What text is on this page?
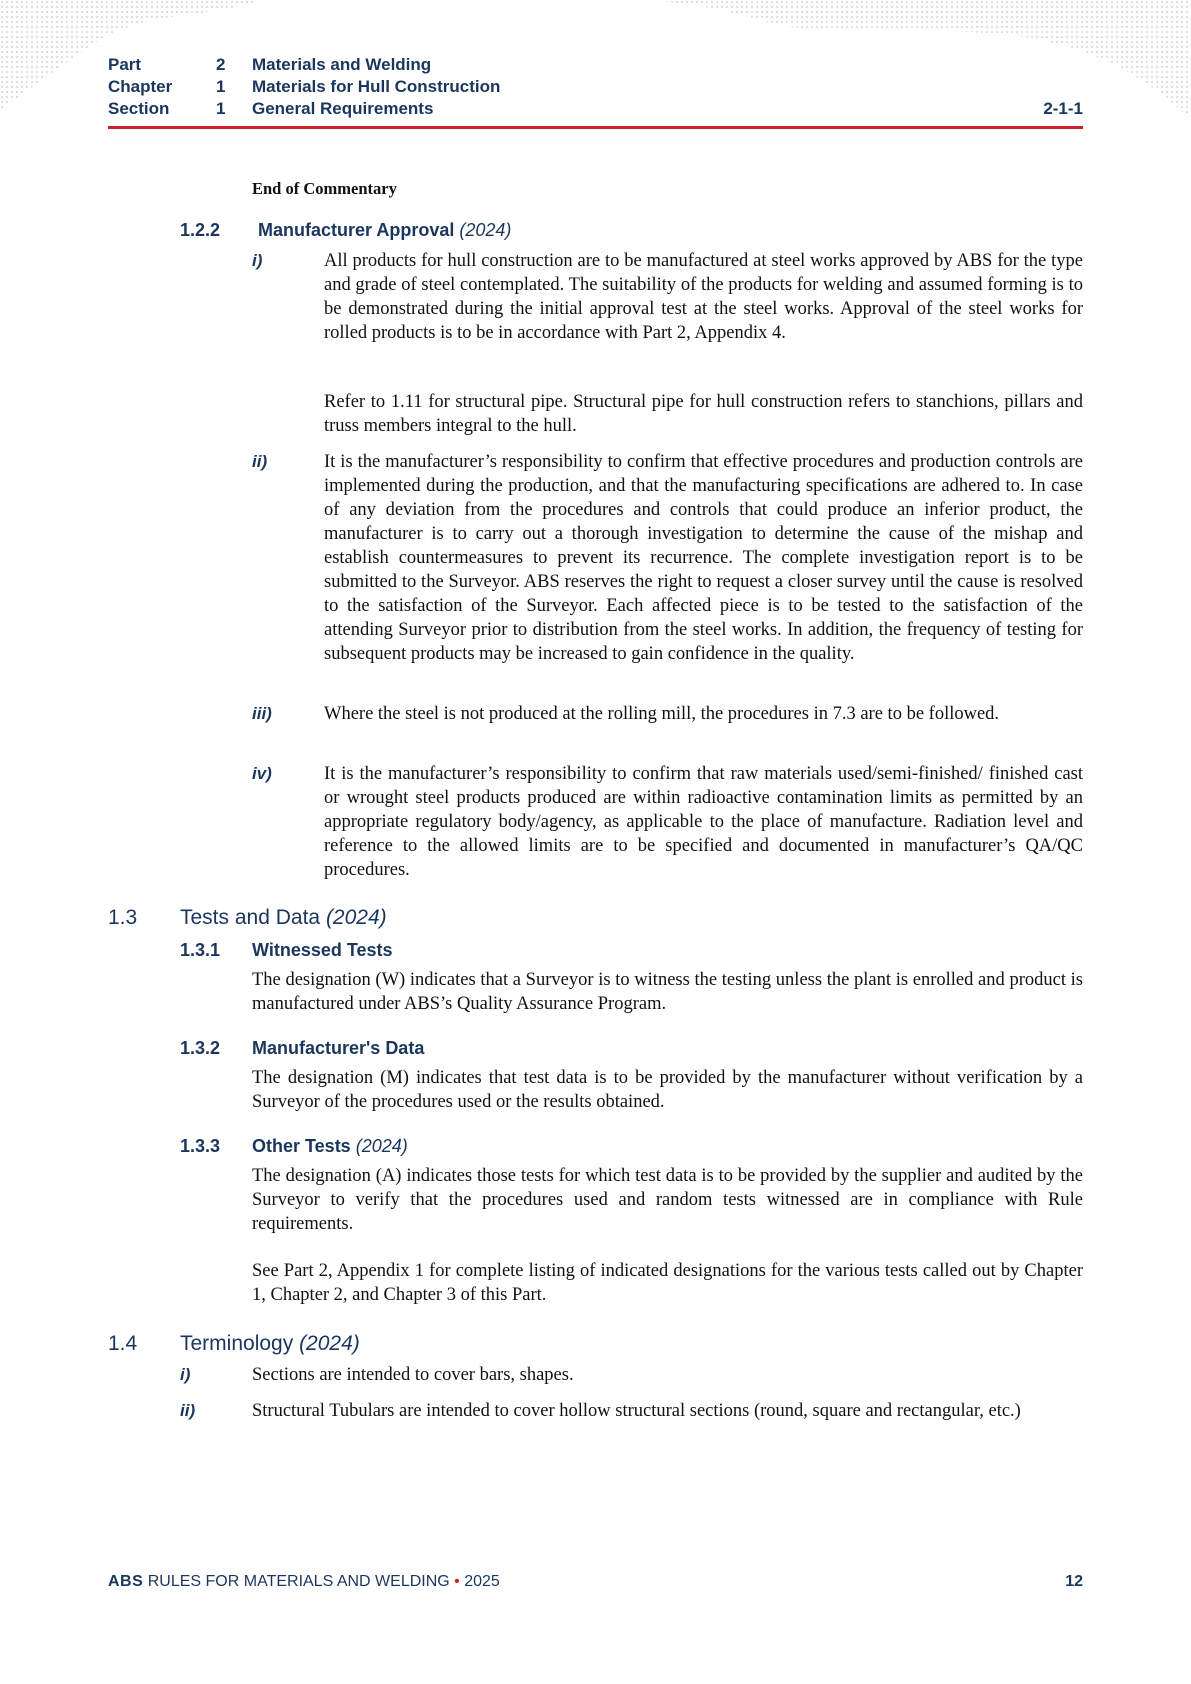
Part	2	Materials and Welding
Chapter	1	Materials for Hull Construction
Section	1	General Requirements	2-1-1
End of Commentary
1.2.2 Manufacturer Approval (2024)
i)	All products for hull construction are to be manufactured at steel works approved by ABS for the type and grade of steel contemplated. The suitability of the products for welding and assumed forming is to be demonstrated during the initial approval test at the steel works. Approval of the steel works for rolled products is to be in accordance with Part 2, Appendix 4.

Refer to 1.11 for structural pipe. Structural pipe for hull construction refers to stanchions, pillars and truss members integral to the hull.

ii)	It is the manufacturer’s responsibility to confirm that effective procedures and production controls are implemented during the production, and that the manufacturing specifications are adhered to. In case of any deviation from the procedures and controls that could produce an inferior product, the manufacturer is to carry out a thorough investigation to determine the cause of the mishap and establish countermeasures to prevent its recurrence. The complete investigation report is to be submitted to the Surveyor. ABS reserves the right to request a closer survey until the cause is resolved to the satisfaction of the Surveyor. Each affected piece is to be tested to the satisfaction of the attending Surveyor prior to distribution from the steel works. In addition, the frequency of testing for subsequent products may be increased to gain confidence in the quality.

iii)	Where the steel is not produced at the rolling mill, the procedures in 7.3 are to be followed.

iv)	It is the manufacturer’s responsibility to confirm that raw materials used/semi-finished/ finished cast or wrought steel products produced are within radioactive contamination limits as permitted by an appropriate regulatory body/agency, as applicable to the place of manufacture. Radiation level and reference to the allowed limits are to be specified and documented in manufacturer’s QA/QC procedures.

1.3 Tests and Data (2024)
1.3.1 Witnessed Tests

The designation (W) indicates that a Surveyor is to witness the testing unless the plant is enrolled and product is manufactured under ABS’s Quality Assurance Program.

1.3.2 Manufacturer's Data

The designation (M) indicates that test data is to be provided by the manufacturer without verification by a Surveyor of the procedures used or the results obtained.

1.3.3 Other Tests (2024)

The designation (A) indicates those tests for which test data is to be provided by the supplier and audited by the Surveyor to verify that the procedures used and random tests witnessed are in compliance with Rule requirements.

See Part 2, Appendix 1 for complete listing of indicated designations for the various tests called out by Chapter 1, Chapter 2, and Chapter 3 of this Part.

1.4 Terminology (2024)
i)	Sections are intended to cover bars, shapes.

ii)	Structural Tubulars are intended to cover hollow structural sections (round, square and rectangular, etc.)

ABS RULES FOR MATERIALS AND WELDING • 2025	12
